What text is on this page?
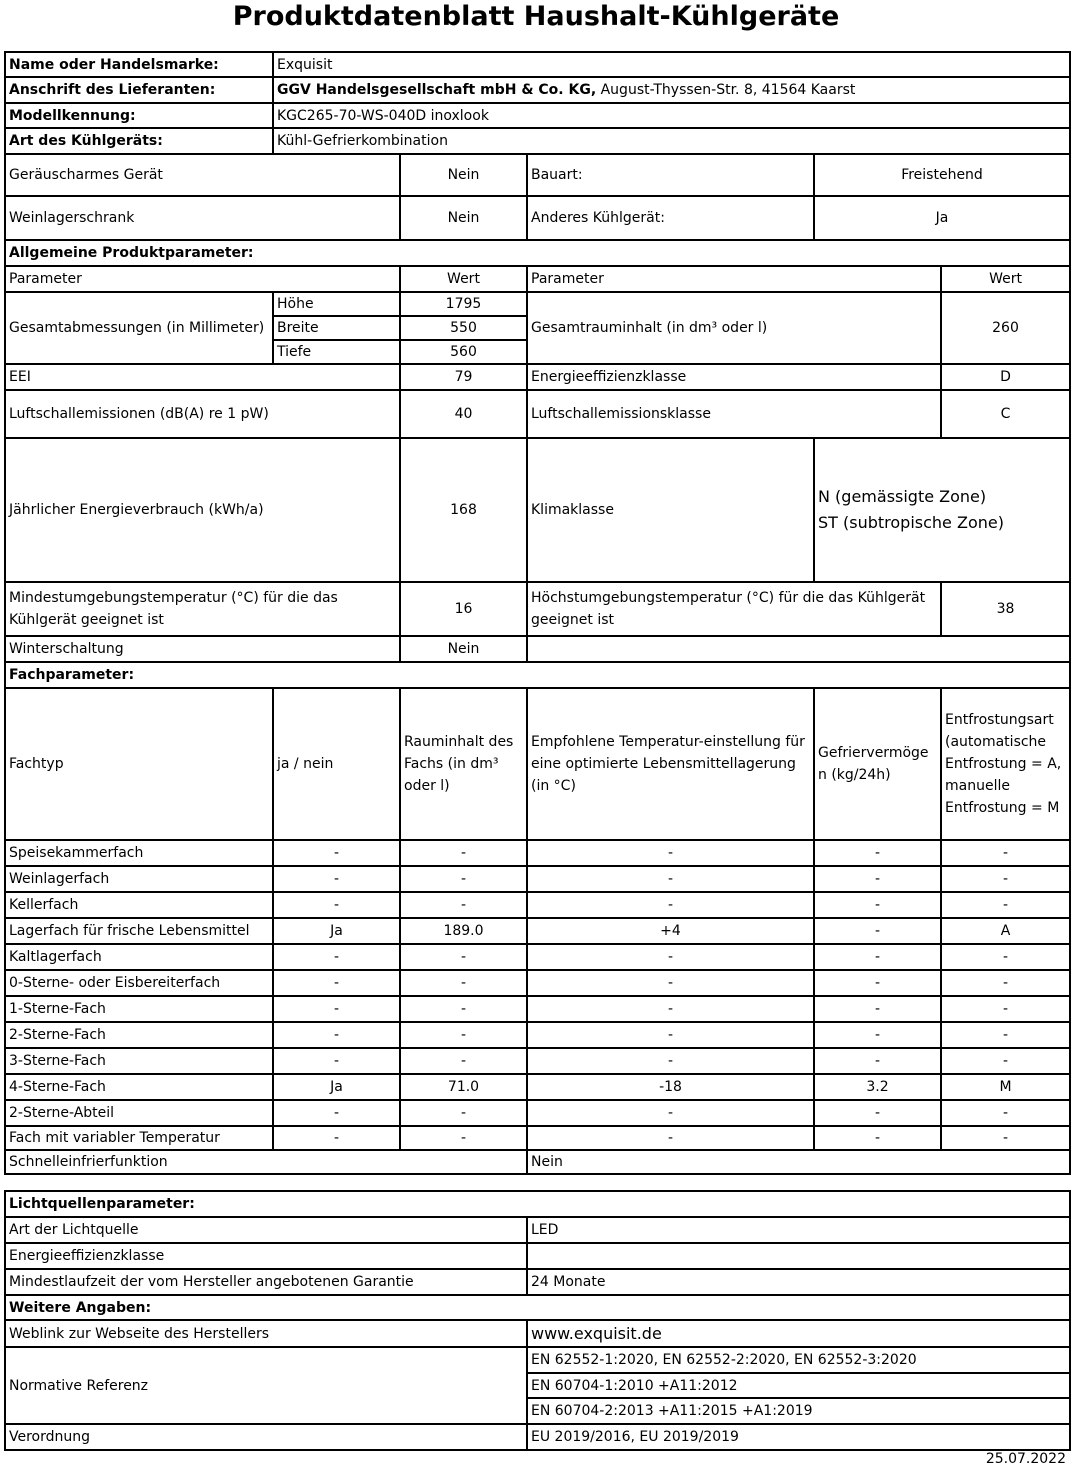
Produktdatenblatt Haushalt-Kühlgeräte
Name oder Handelsmarke:	Exquisit				
Anschrift des Lieferanten:	GGV Handelsgesellschaft mbH & Co. KG, August-Thyssen-Str. 8, 41564 Kaarst				
Modellkennung:	KGC265-70-WS-040D inoxlook				
Art des Kühlgeräts:	Kühl-Gefrierkombination				
Geräuscharmes Gerät		Nein	Bauart:	Freistehend	
Weinlagerschrank		Nein	Anderes Kühlgerät:	Ja	
Allgemeine Produktparameter:					
Parameter		Wert	Parameter		Wert
Gesamtabmessungen (in Millimeter)	Höhe	1795	Gesamtrauminhalt (in dm³ oder l)		260
	Breite	550			
	Tiefe	560			
EEI		79	Energieeffizienzklasse		D
Luftschallemissionen (dB(A) re 1 pW)		40	Luftschallemissionsklasse		C
Jährlicher Energieverbrauch (kWh/a)		168	Klimaklasse	N (gemässigte Zone)
ST (subtropische Zone)	

Mindestumgebungstemperatur (°C) für die das Kühlgerät geeignet ist		16	Höchstumgebungstemperatur (°C) für die das Kühlgerät geeignet ist		38
Winterschaltung		Nein			
Fachparameter:					
Fachtyp	ja / nein	Rauminhalt des Fachs (in dm³ oder l)	Empfohlene Temperatur-einstellung für eine optimierte Lebensmittellagerung (in °C)	Gefriervermöge n (kg/24h)	Entfrostungsart (automatische Entfrostung = A, manuelle Entfrostung = M
Speisekammerfach	-	-	-	-	-
Weinlagerfach	-	-	-	-	-
Kellerfach	-	-	-	-	-
Lagerfach für frische Lebensmittel	Ja	189.0	+4	-	A
Kaltlagerfach	-	-	-	-	-
0-Sterne- oder Eisbereiterfach	-	-	-	-	-
1-Sterne-Fach	-	-	-	-	-
2-Sterne-Fach	-	-	-	-	-
3-Sterne-Fach	-	-	-	-	-
4-Sterne-Fach	Ja	71.0	-18	3.2	M
2-Sterne-Abteil	-	-	-	-	-
Fach mit variabler Temperatur	-	-	-	-	-
Schnelleinfrierfunktion			Nein		
Lichtquellenparameter:	
Art der Lichtquelle	LED
Energieeffizienzklasse	
Mindestlaufzeit der vom Hersteller angebotenen Garantie	24 Monate
Weitere Angaben:	
Weblink zur Webseite des Herstellers	www.exquisit.de
Normative Referenz	EN 62552-1:2020, EN 62552-2:2020, EN 62552-3:2020
	EN 60704-1:2010 +A11:2012
	EN 60704-2:2013 +A11:2015 +A1:2019
Verordnung	EU 2019/2016, EU 2019/2019
25.07.2022
